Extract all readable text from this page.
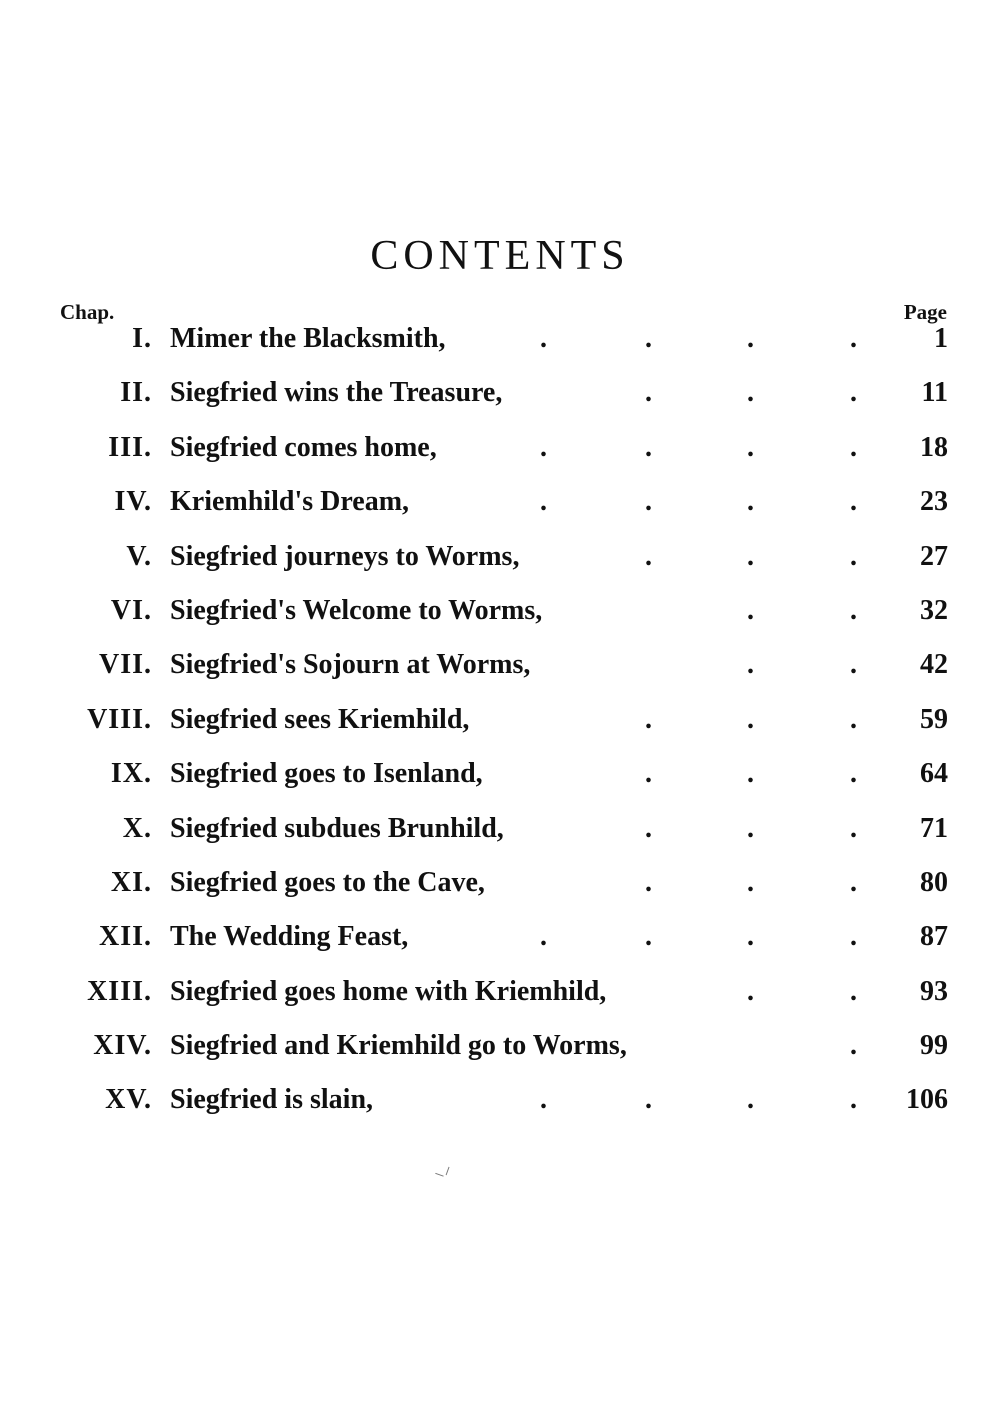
CONTENTS
Chap.	Page
I. Mimer the Blacksmith,	.	.	.	.	1
II. Siegfried wins the Treasure,	.	.	. 11
III. Siegfried comes home,	.	.	.	. 18
IV. Kriemhild's Dream,	.	.	.	. 23
V. Siegfried journeys to Worms,	.	.	. 27
VI. Siegfried's Welcome to Worms,	.	. 32
VII. Siegfried's Sojourn at Worms,	.	. 42
VIII. Siegfried sees Kriemhild,	.	.	. 59
IX. Siegfried goes to Isenland,	.	.	. 64
X. Siegfried subdues Brunhild,	.	.	. 71
XI. Siegfried goes to the Cave,	.	.	. 80
XII. The Wedding Feast,	.	.	.	. 87
XIII. Siegfried goes home with Kriemhild,	.	. 93
XIV. Siegfried and Kriemhild go to Worms,	. 99
XV. Siegfried is slain,	.	.	.	. 106
⸌⸍
